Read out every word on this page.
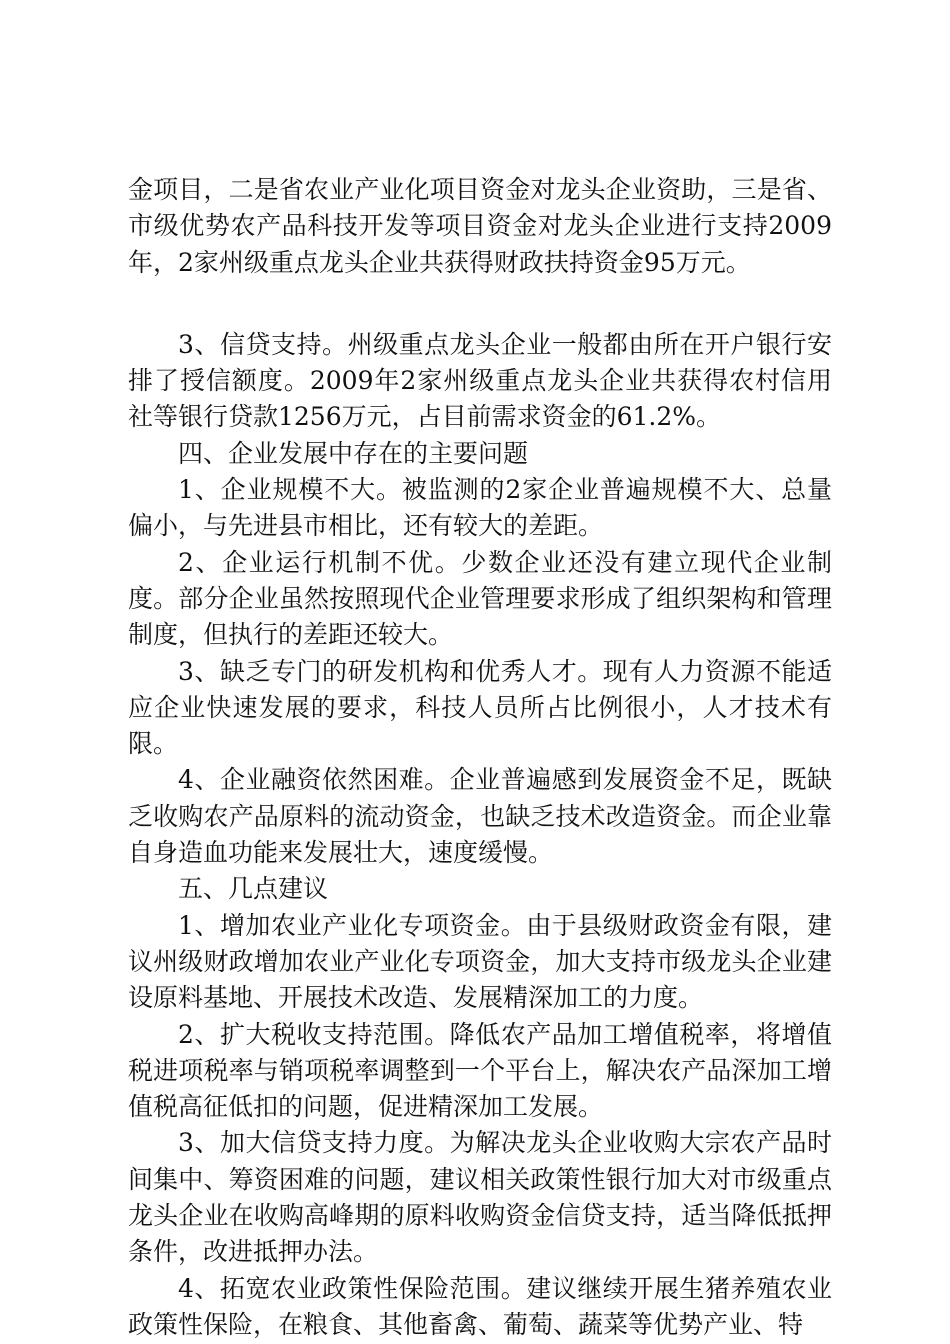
金项目，二是省农业产业化项目资金对龙头企业资助，三是省、市级优势农产品科技开发等项目资金对龙头企业进行支持2009年，2家州级重点龙头企业共获得财政扶持资金95万元。

3、信贷支持。州级重点龙头企业一般都由所在开户银行安排了授信额度。2009年2家州级重点龙头企业共获得农村信用社等银行贷款1256万元，占目前需求资金的61.2%。

四、企业发展中存在的主要问题

1、企业规模不大。被监测的2家企业普遍规模不大、总量偏小，与先进县市相比，还有较大的差距。

2、企业运行机制不优。少数企业还没有建立现代企业制度。部分企业虽然按照现代企业管理要求形成了组织架构和管理制度，但执行的差距还较大。

3、缺乏专门的研发机构和优秀人才。现有人力资源不能适应企业快速发展的要求，科技人员所占比例很小，人才技术有限。

4、企业融资依然困难。企业普遍感到发展资金不足，既缺乏收购农产品原料的流动资金，也缺乏技术改造资金。而企业靠自身造血功能来发展壮大，速度缓慢。

五、几点建议

1、增加农业产业化专项资金。由于县级财政资金有限，建议州级财政增加农业产业化专项资金，加大支持市级龙头企业建设原料基地、开展技术改造、发展精深加工的力度。

2、扩大税收支持范围。降低农产品加工增值税率，将增值税进项税率与销项税率调整到一个平台上，解决农产品深加工增值税高征低扣的问题，促进精深加工发展。

3、加大信贷支持力度。为解决龙头企业收购大宗农产品时间集中、筹资困难的问题，建议相关政策性银行加大对市级重点龙头企业在收购高峰期的原料收购资金信贷支持，适当降低抵押条件，改进抵押办法。

4、拓宽农业政策性保险范围。建议继续开展生猪养殖农业政策性保险，在粮食、其他畜禽、葡萄、蔬菜等优势产业、特
